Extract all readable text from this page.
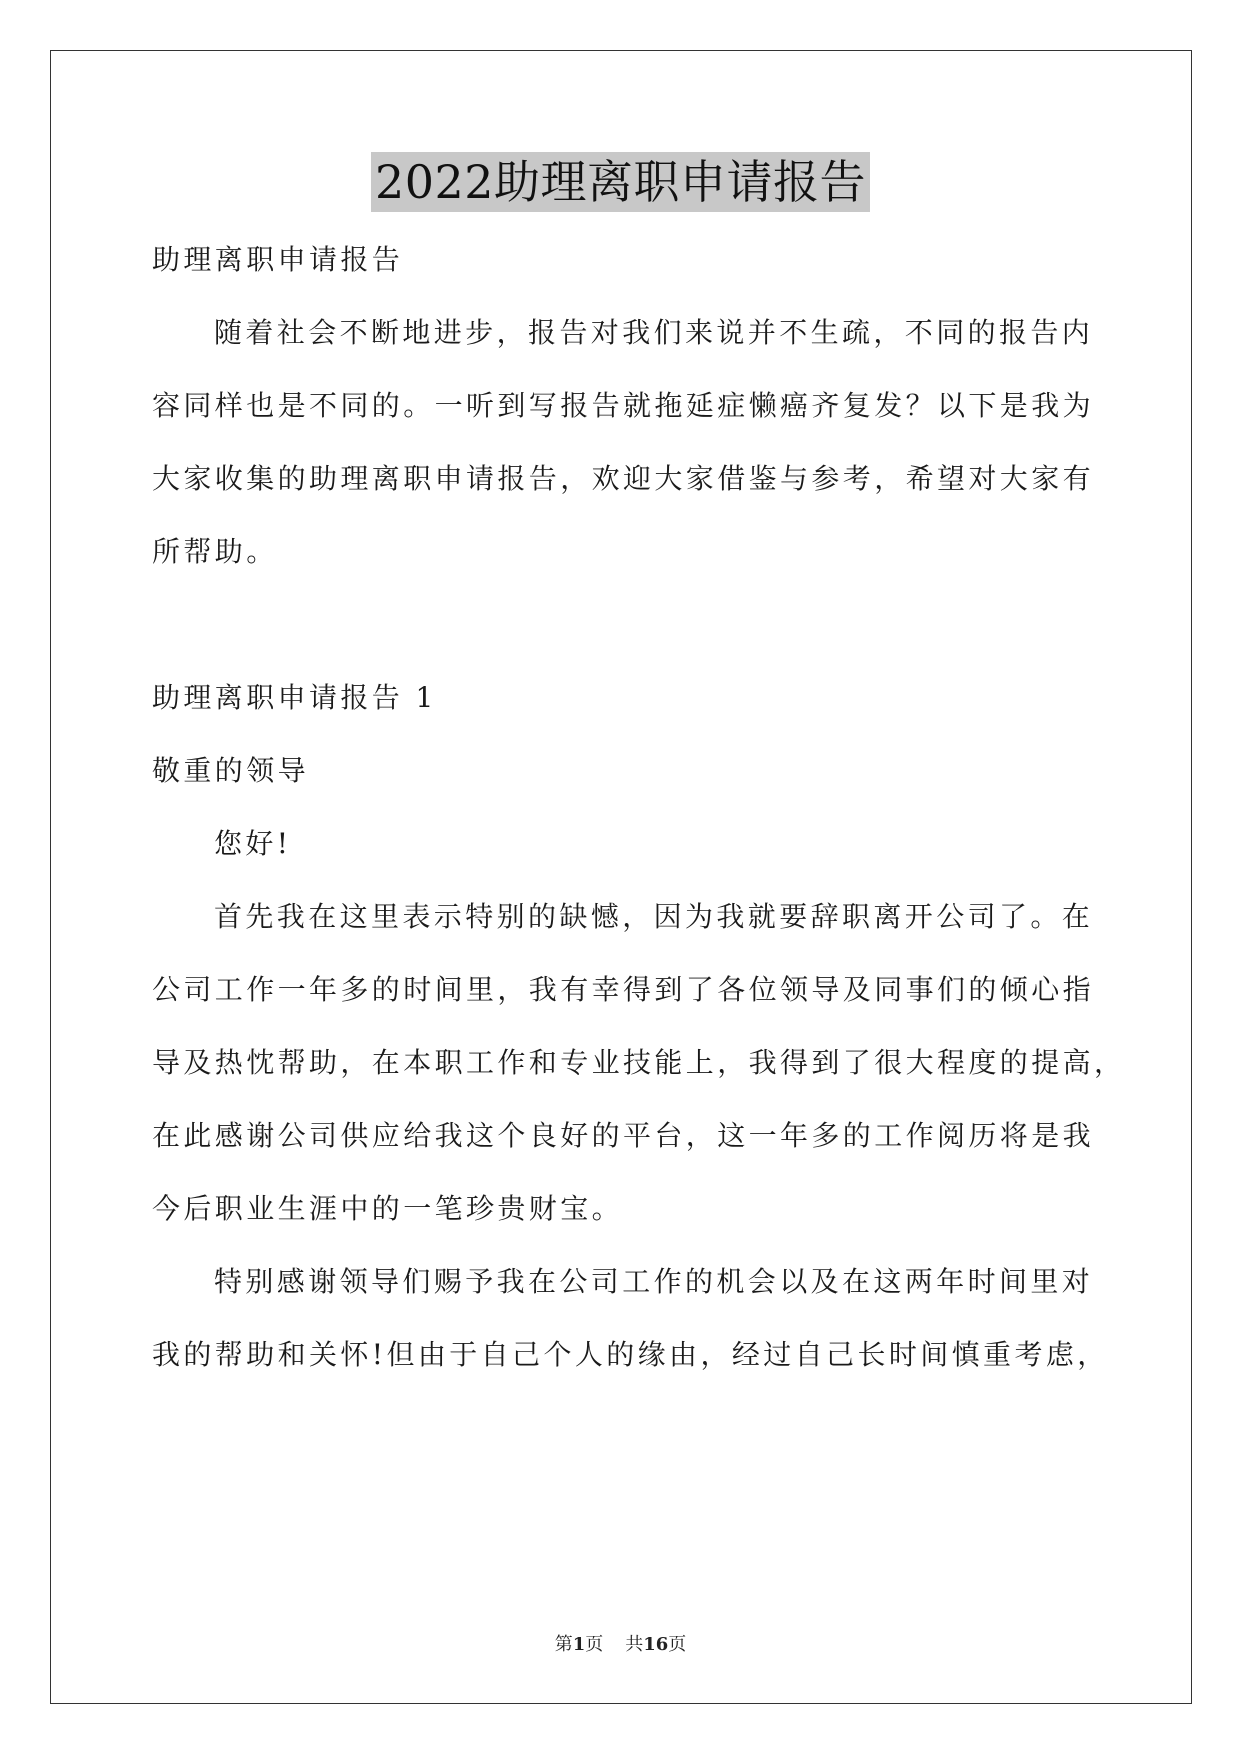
2022助理离职申请报告
助理离职申请报告
随着社会不断地进步，报告对我们来说并不生疏，不同的报告内
容同样也是不同的。一听到写报告就拖延症懒癌齐复发？以下是我为
大家收集的助理离职申请报告，欢迎大家借鉴与参考，希望对大家有
所帮助。
助理离职申请报告 1
敬重的领导
您好!
首先我在这里表示特别的缺憾，因为我就要辞职离开公司了。在
公司工作一年多的时间里，我有幸得到了各位领导及同事们的倾心指
导及热忱帮助，在本职工作和专业技能上，我得到了很大程度的提高，
在此感谢公司供应给我这个良好的平台，这一年多的工作阅历将是我
今后职业生涯中的一笔珍贵财宝。
特别感谢领导们赐予我在公司工作的机会以及在这两年时间里对
我的帮助和关怀!但由于自己个人的缘由，经过自己长时间慎重考虑，
第1页 共16页
